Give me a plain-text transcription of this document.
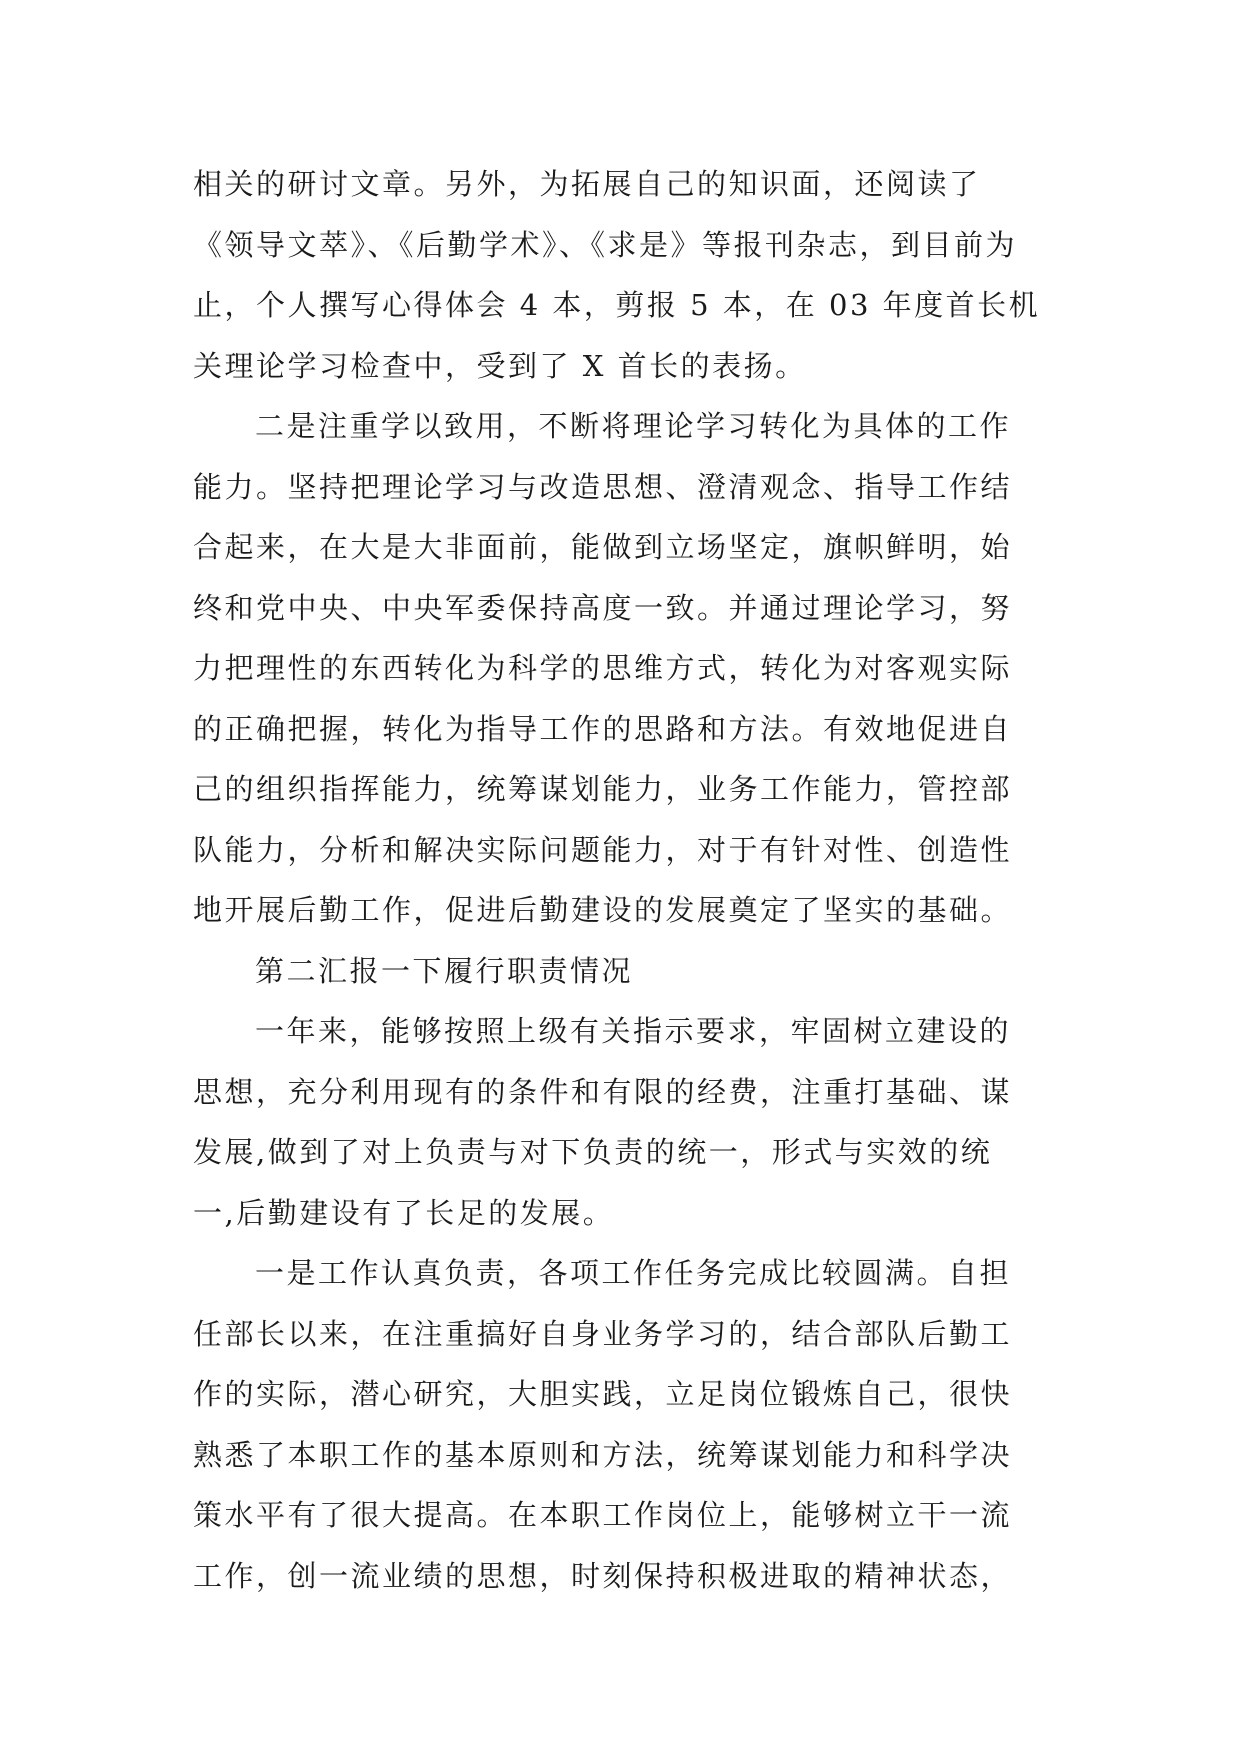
相关的研讨文章。另外，为拓展自己的知识面，还阅读了
《领导文萃》、《后勤学术》、《求是》等报刊杂志，到目前为
止，个人撰写心得体会 4 本，剪报 5 本，在 03 年度首长机
关理论学习检查中，受到了 X 首长的表扬。
二是注重学以致用，不断将理论学习转化为具体的工作
能力。坚持把理论学习与改造思想、澄清观念、指导工作结
合起来，在大是大非面前，能做到立场坚定，旗帜鲜明，始
终和党中央、中央军委保持高度一致。并通过理论学习，努
力把理性的东西转化为科学的思维方式，转化为对客观实际
的正确把握，转化为指导工作的思路和方法。有效地促进自
己的组织指挥能力，统筹谋划能力，业务工作能力，管控部
队能力，分析和解决实际问题能力，对于有针对性、创造性
地开展后勤工作，促进后勤建设的发展奠定了坚实的基础。
第二汇报一下履行职责情况
一年来，能够按照上级有关指示要求，牢固树立建设的
思想，充分利用现有的条件和有限的经费，注重打基础、谋
发展,做到了对上负责与对下负责的统一，形式与实效的统
一,后勤建设有了长足的发展。
一是工作认真负责，各项工作任务完成比较圆满。自担
任部长以来，在注重搞好自身业务学习的，结合部队后勤工
作的实际，潜心研究，大胆实践，立足岗位锻炼自己，很快
熟悉了本职工作的基本原则和方法，统筹谋划能力和科学决
策水平有了很大提高。在本职工作岗位上，能够树立干一流
工作，创一流业绩的思想，时刻保持积极进取的精神状态，
